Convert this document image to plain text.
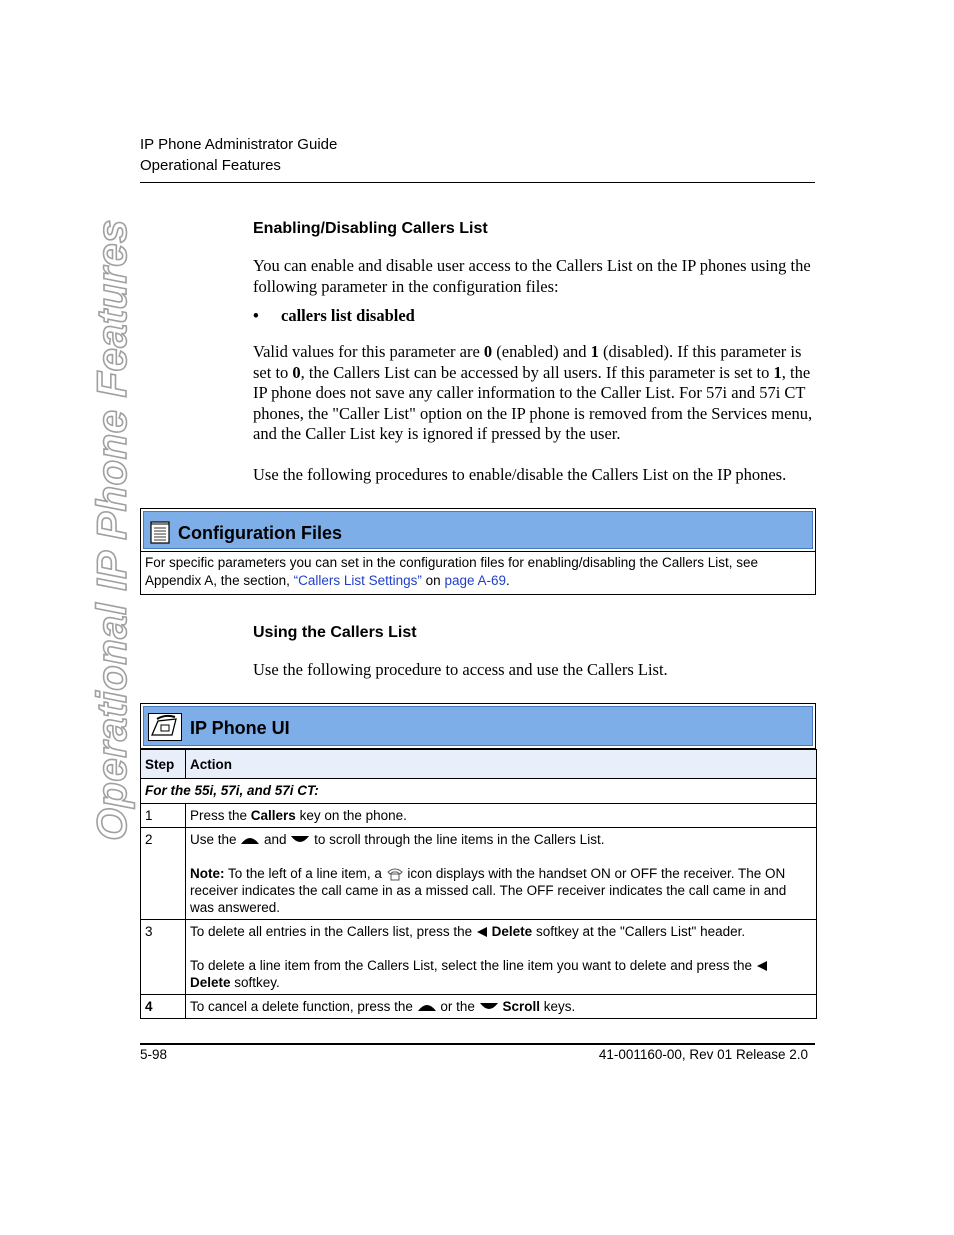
IP Phone Administrator Guide
Operational Features
Operational IP Phone Features	Enabling/Disabling Callers List
You can enable and disable user access to the Callers List on the IP phones using the following parameter in the configuration files:
• callers list disabled
Valid values for this parameter are 0 (enabled) and 1 (disabled). If this parameter is set to 0, the Callers List can be accessed by all users. If this parameter is set to 1, the IP phone does not save any caller information to the Caller List. For 57i and 57i CT phones, the "Caller List" option on the IP phone is removed from the Services menu, and the Caller List key is ignored if pressed by the user.
Use the following procedures to enable/disable the Callers List on the IP phones.
Configuration Files
For specific parameters you can set in the configuration files for enabling/disabling the Callers List, see Appendix A, the section, “Callers List Settings” on page A-69.
Using the Callers List
Use the following procedure to access and use the Callers List.
IP Phone UI
Step	Action
For the 55i, 57i, and 57i CT:	
1	Press the Callers key on the phone.
2	Use the  and  to scroll through the line items in the Callers List.
Note: To the left of a line item, a  icon displays with the handset ON or OFF the receiver. The ON receiver indicates the call came in as a missed call. The OFF receiver indicates the call came in and was answered.

3	To delete all entries in the Callers list, press the  Delete softkey at the "Callers List" header.
To delete a line item from the Callers List, select the line item you want to delete and press the
Delete softkey.

4	To cancel a delete function, press the  or the  Scroll keys.
5-98	41-001160-00, Rev 01 Release 2.0
